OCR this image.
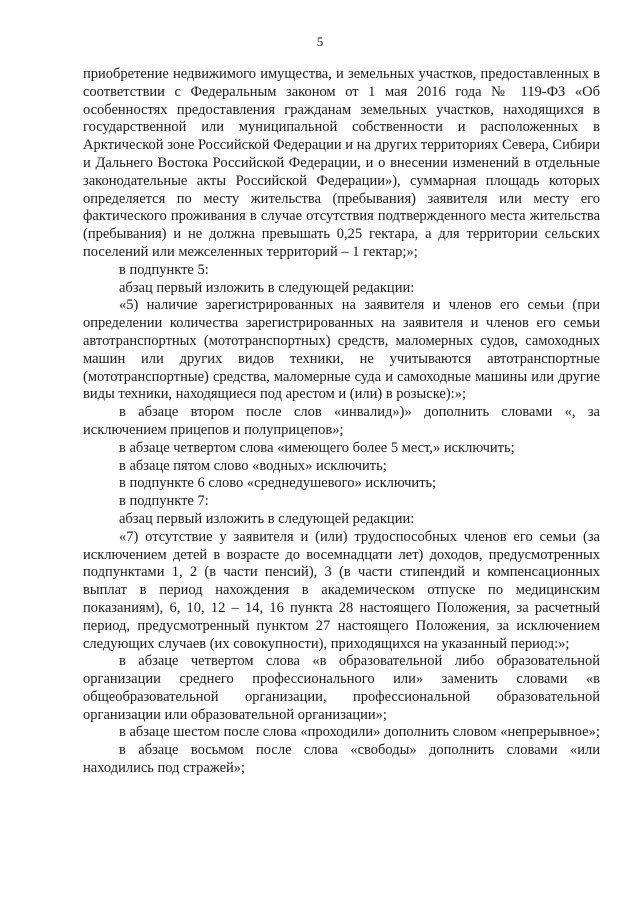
5

приобретение недвижимого имущества, и земельных участков, предоставленных в соответствии с Федеральным законом от 1 мая 2016 года № 119-ФЗ «Об особенностях предоставления гражданам земельных участков, находящихся в государственной или муниципальной собственности и расположенных в Арктической зоне Российской Федерации и на других территориях Севера, Сибири и Дальнего Востока Российской Федерации, и о внесении изменений в отдельные законодательные акты Российской Федерации»), суммарная площадь которых определяется по месту жительства (пребывания) заявителя или месту его фактического проживания в случае отсутствия подтвержденного места жительства (пребывания) и не должна превышать 0,25 гектара, а для территории сельских поселений или межселенных территорий – 1 гектар;»;

в подпункте 5:

абзац первый изложить в следующей редакции:

«5) наличие зарегистрированных на заявителя и членов его семьи (при определении количества зарегистрированных на заявителя и членов его семьи автотранспортных (мототранспортных) средств, маломерных судов, самоходных машин или других видов техники, не учитываются автотранспортные (мототранспортные) средства, маломерные суда и самоходные машины или другие виды техники, находящиеся под арестом и (или) в розыске):»;

в абзаце втором после слов «инвалид»)» дополнить словами «, за исключением прицепов и полуприцепов»;

в абзаце четвертом слова «имеющего более 5 мест,» исключить;

в абзаце пятом слово «водных» исключить;

в подпункте 6 слово «среднедушевого» исключить;

в подпункте 7:

абзац первый изложить в следующей редакции:

«7) отсутствие у заявителя и (или) трудоспособных членов его семьи (за исключением детей в возрасте до восемнадцати лет) доходов, предусмотренных подпунктами 1, 2 (в части пенсий), 3 (в части стипендий и компенсационных выплат в период нахождения в академическом отпуске по медицинским показаниям), 6, 10, 12 – 14, 16 пункта 28 настоящего Положения, за расчетный период, предусмотренный пунктом 27 настоящего Положения, за исключением следующих случаев (их совокупности), приходящихся на указанный период:»;

в абзаце четвертом слова «в образовательной либо образовательной организации среднего профессионального или» заменить словами «в общеобразовательной организации, профессиональной образовательной организации или образовательной организации»;

в абзаце шестом после слова «проходили» дополнить словом «непрерывное»;

в абзаце восьмом после слова «свободы» дополнить словами «или находились под стражей»;
